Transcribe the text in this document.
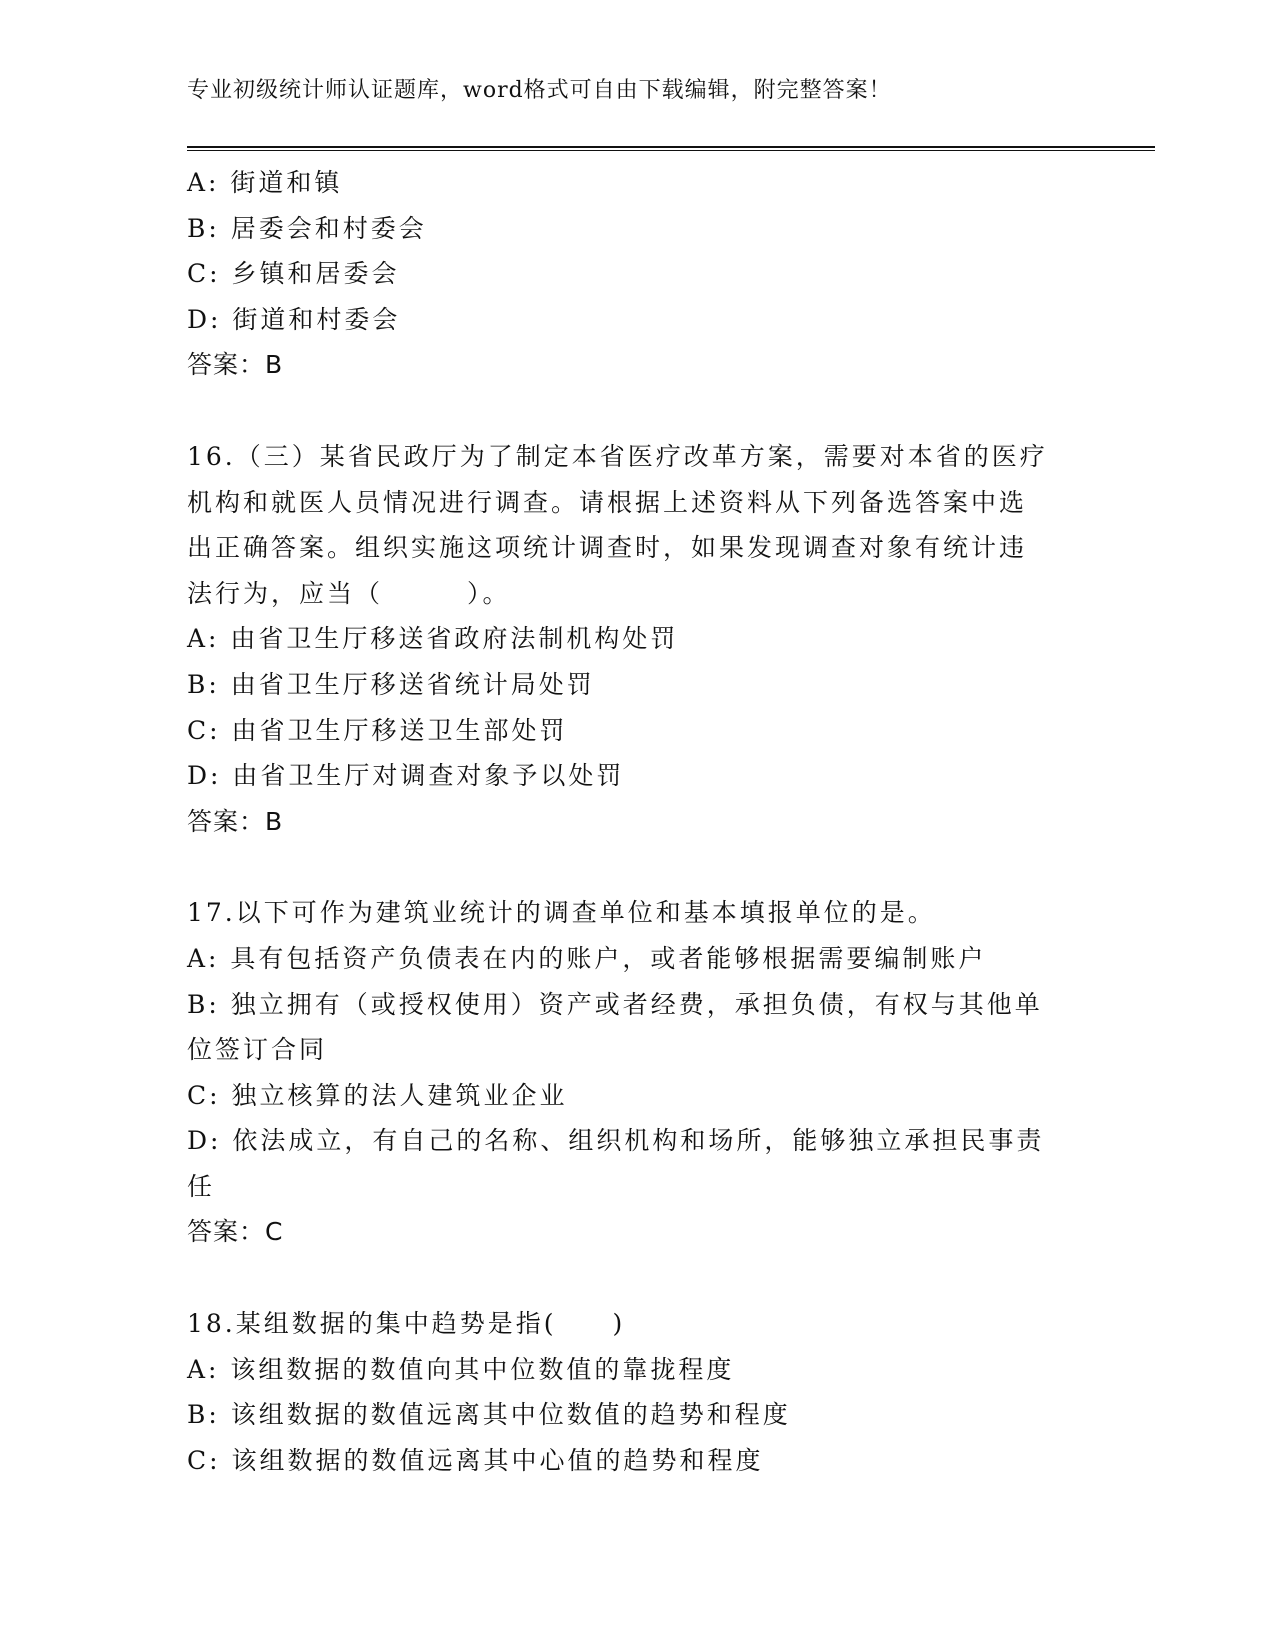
专业初级统计师认证题库，word格式可自由下载编辑，附完整答案！
A: 街道和镇
B: 居委会和村委会
C: 乡镇和居委会
D: 街道和村委会
答案：B
16.（三）某省民政厅为了制定本省医疗改革方案，需要对本省的医疗
机构和就医人员情况进行调查。请根据上述资料从下列备选答案中选
出正确答案。组织实施这项统计调查时，如果发现调查对象有统计违
法行为，应当（　　　）。
A: 由省卫生厅移送省政府法制机构处罚
B: 由省卫生厅移送省统计局处罚
C: 由省卫生厅移送卫生部处罚
D: 由省卫生厅对调查对象予以处罚
答案：B
17.以下可作为建筑业统计的调查单位和基本填报单位的是。
A: 具有包括资产负债表在内的账户，或者能够根据需要编制账户
B: 独立拥有（或授权使用）资产或者经费，承担负债，有权与其他单
位签订合同
C: 独立核算的法人建筑业企业
D: 依法成立，有自己的名称、组织机构和场所，能够独立承担民事责
任
答案：C
18.某组数据的集中趋势是指(　　)
A: 该组数据的数值向其中位数值的靠拢程度
B: 该组数据的数值远离其中位数值的趋势和程度
C: 该组数据的数值远离其中心值的趋势和程度
